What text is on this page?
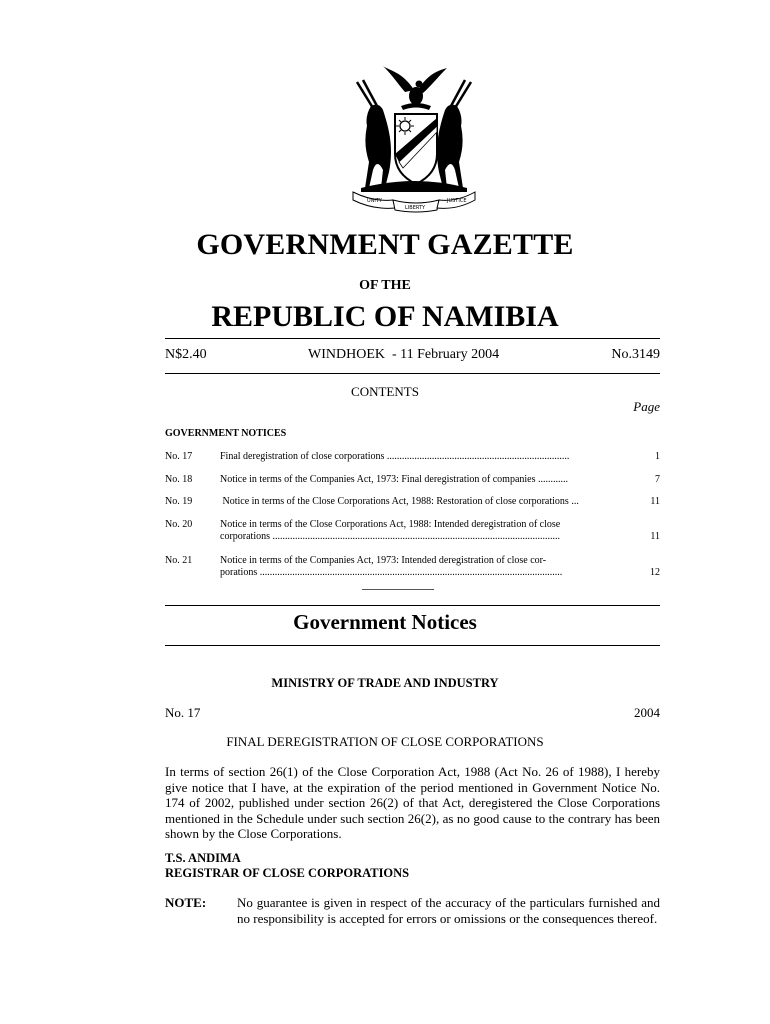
UNITY
LIBERTY
JUSTICE
GOVERNMENT GAZETTE
OF THE
REPUBLIC OF NAMIBIA
N$2.40	WINDHOEK  - 11 February 2004	No.3149
CONTENTS
Page
GOVERNMENT NOTICES
No. 17	Final deregistration of close corporations .........................................................................	1
No. 18	Notice in terms of the Companies Act, 1973: Final deregistration of companies ............	7
No. 19	Notice in terms of the Close Corporations Act, 1988: Restoration of close corporations ...	11
No. 20	Notice in terms of the Close Corporations Act, 1988: Intended deregistration of close
corporations ...................................................................................................................	11
No. 21	Notice in terms of the Companies Act, 1973: Intended deregistration of close cor-
porations .........................................................................................................................	12
Government Notices
MINISTRY OF TRADE AND INDUSTRY
No. 17	2004
FINAL DEREGISTRATION OF CLOSE CORPORATIONS
In terms of section 26(1) of the Close Corporation Act, 1988 (Act No. 26 of 1988), I hereby give notice that I have, at the expiration of the period mentioned in Government Notice No. 174 of 2002, published under section 26(2) of that Act, deregistered the Close Corporations mentioned in the Schedule under such section 26(2), as no good cause to the contrary has been shown by the Close Corporations.
T.S. ANDIMA
REGISTRAR OF CLOSE CORPORATIONS
NOTE: No guarantee is given in respect of the accuracy of the particulars furnished and no responsibility is accepted for errors or omissions or the consequences thereof.
